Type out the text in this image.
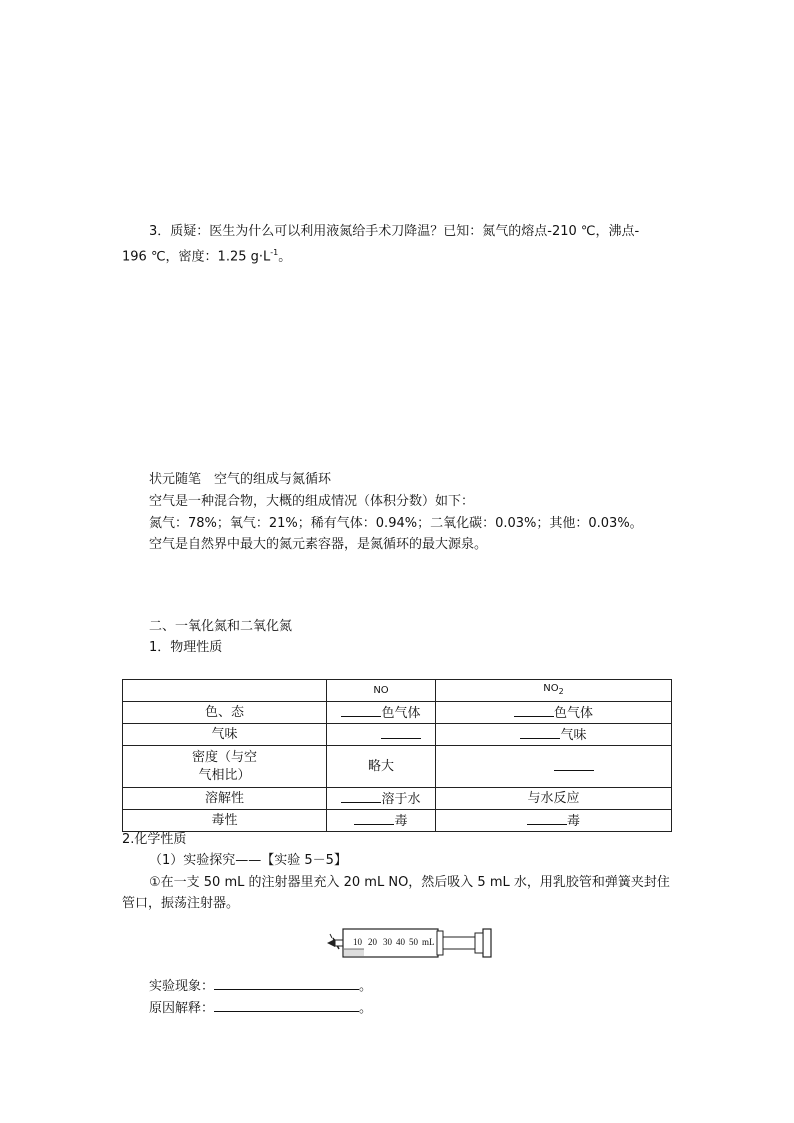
3．质疑：医生为什么可以利用液氮给手术刀降温？已知：氮气的熔点-210 ℃，沸点-
196 ℃，密度：1.25 $g\cdot L^{-1}$。
状元随笔　空气的组成与氮循环
空气是一种混合物，大概的组成情况（体积分数）如下：
氮气：78%；氧气：21%；稀有气体：0.94%；二氧化碳：0.03%；其他：0.03%。
空气是自然界中最大的氮元素容器，是氮循环的最大源泉。
二、一氧化氮和二氧化氮
1．物理性质
	NO	$NO_2$
色、态	色气体	色气体
气味		气味

密度（与空
气相比）	略大	
溶解性	溶于水	与水反应
毒性	毒	毒
2.化学性质
（1）实验探究——【实验 5－5】
①在一支 50 mL 的注射器里充入 20 mL NO，然后吸入 5 mL 水，用乳胶管和弹簧夹封住
管口，振荡注射器。
10 20 30 40 50 mL
实验现象：	。
原因解释：	。
